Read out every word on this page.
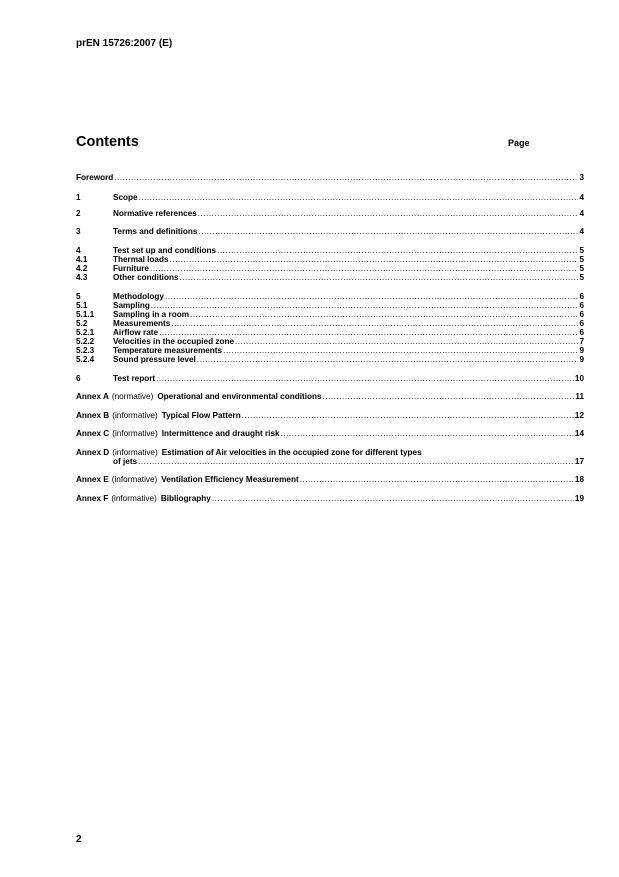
prEN 15726:2007 (E)
Contents	Page
Foreword .....	3
1	Scope .....	4
2	Normative references .....	4
3	Terms and definitions .....	4
4	Test set up and conditions .....	5
4.1	Thermal loads .....	5
4.2	Furniture .....	5
4.3	Other conditions .....	5
5	Methodology .....	6
5.1	Sampling .....	6
5.1.1	Sampling in a room .....	6
5.2	Measurements .....	6
5.2.1	Airflow rate .....	6
5.2.2	Velocities in the occupied zone .....	7
5.2.3	Temperature measurements .....	9
5.2.4	Sound pressure level .....	9
6	Test report .....	10
Annex A (normative) Operational and environmental conditions .....	11
Annex B (informative) Typical Flow Pattern .....	12
Annex C (informative) Intermittence and draught risk .....	14
Annex D (informative) Estimation of Air velocities in the occupied zone for different types
of jets .....	17
Annex E (informative) Ventilation Efficiency Measurement .....	18
Annex F (informative) Bibliography .....	19
2
